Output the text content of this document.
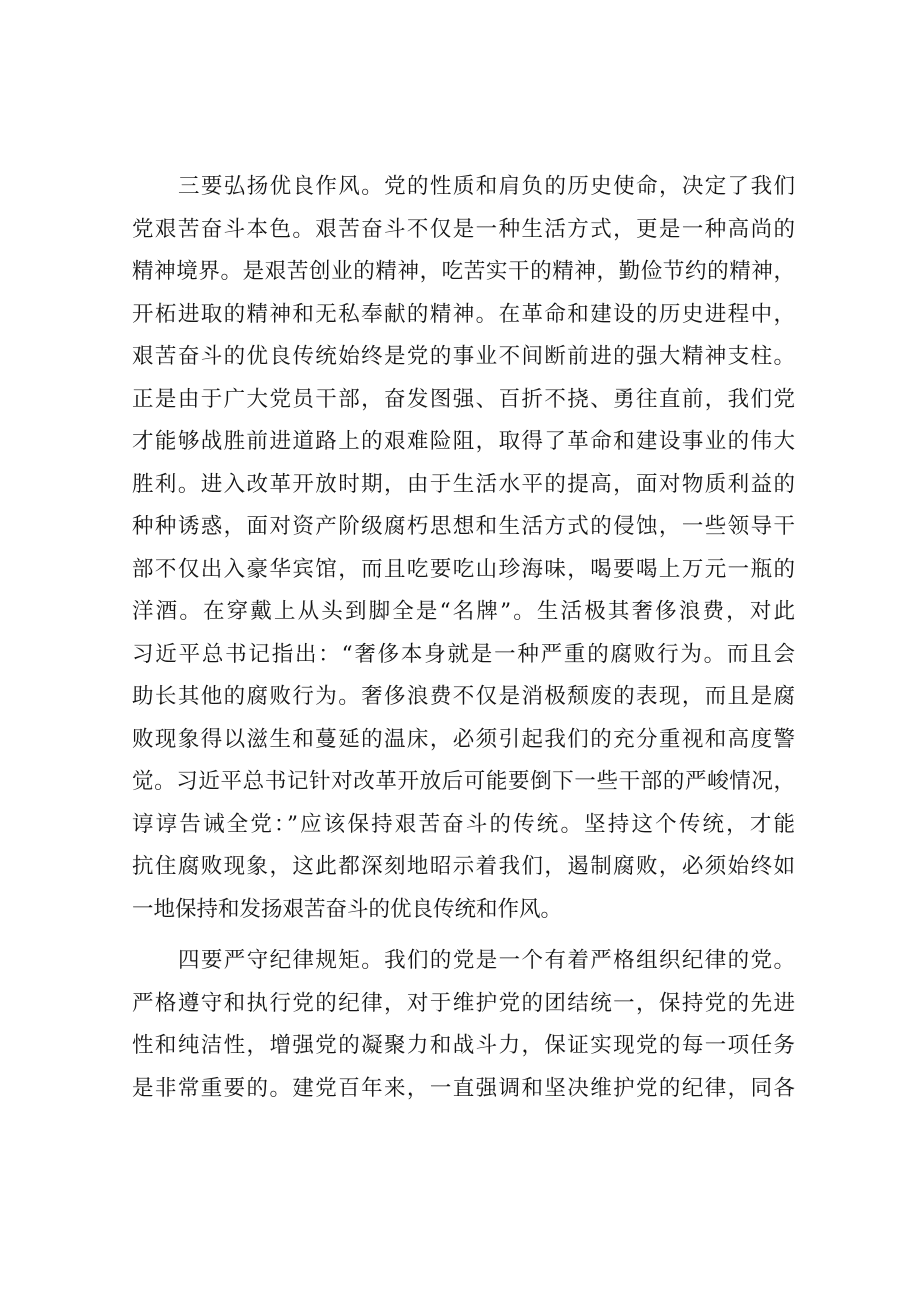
三要弘扬优良作风。党的性质和肩负的历史使命，决定了我们
党艰苦奋斗本色。艰苦奋斗不仅是一种生活方式，更是一种高尚的
精神境界。是艰苦创业的精神，吃苦实干的精神，勤俭节约的精神，
开柘进取的精神和无私奉献的精神。在革命和建设的历史进程中，
艰苦奋斗的优良传统始终是党的事业不间断前进的强大精神支柱。
正是由于广大党员干部，奋发图强、百折不挠、勇往直前，我们党
才能够战胜前进道路上的艰难险阻，取得了革命和建设事业的伟大
胜利。进入改革开放时期，由于生活水平的提高，面对物质利益的
种种诱惑，面对资产阶级腐朽思想和生活方式的侵蚀，一些领导干
部不仅出入豪华宾馆，而且吃要吃山珍海味，喝要喝上万元一瓶的
洋酒。在穿戴上从头到脚全是“名牌”。生活极其奢侈浪费，对此
习近平总书记指出：“奢侈本身就是一种严重的腐败行为。而且会
助长其他的腐败行为。奢侈浪费不仅是消极颓废的表现，而且是腐
败现象得以滋生和蔓延的温床，必须引起我们的充分重视和高度警
觉。习近平总书记针对改革开放后可能要倒下一些干部的严峻情况，
谆谆告诫全党：”应该保持艰苦奋斗的传统。坚持这个传统，才能
抗住腐败现象，这此都深刻地昭示着我们，遏制腐败，必须始终如
一地保持和发扬艰苦奋斗的优良传统和作风。
四要严守纪律规矩。我们的党是一个有着严格组织纪律的党。
严格遵守和执行党的纪律，对于维护党的团结统一，保持党的先进
性和纯洁性，增强党的凝聚力和战斗力，保证实现党的每一项任务
是非常重要的。建党百年来，一直强调和坚决维护党的纪律，同各
